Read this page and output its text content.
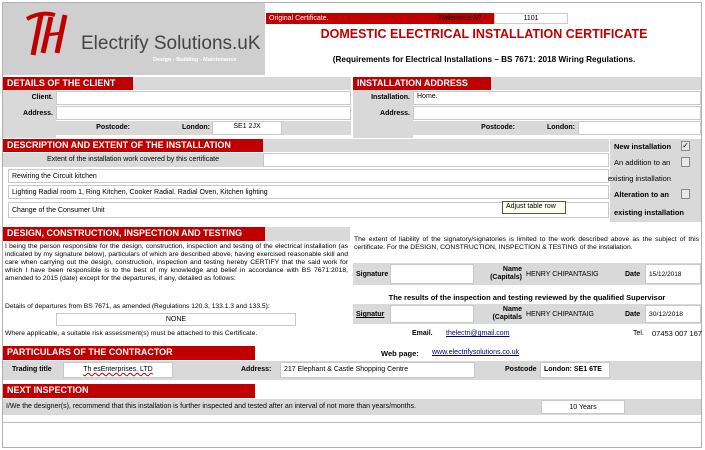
Electrify Solutions.uK
Design - Building - Maintenance
Original Certificate.	Reference Nº	1101
DOMESTIC ELECTRICAL INSTALLATION CERTIFICATE
(Requirements for Electrical Installations – BS 7671: 2018 Wiring Regulations.
DETAILS OF THE CLIENT
Client.
Address.
Postcode:	London:	SE1 2JX
INSTALLATION ADDRESS
Installation.	Home.
Address.
Postcode:	London:
DESCRIPTION AND EXTENT OF THE INSTALLATION
Extent of the installation work covered by this certificate
Rewiring the Circuit kitchen
Lighting Radial room 1, Ring Kitchen, Cooker Radial. Radial Oven, Kitchen lighting
Change of the Consumer Unit
New installation ✓
An addition to an
existing installation
Alteration to an
existing installation
Adjust table row
DESIGN, CONSTRUCTION, INSPECTION AND TESTING

I being the person responsible for the design, construction, inspection and testing of the electrical installation (as indicated by my signature below), particulars of which are described above, having exercised reasonable skill and care when carrying out the design, construction, inspection and testing hereby CERTIFY that the said work for which I have been responsible is to the best of my knowledge and belief in accordance with BS 7671:2018, amended to 2015 (date) except for the departures, if any, detailed as follows:

Details of departures from BS 7671, as amended (Regulations 120.3, 133.1.3 and 133.5):
NONE
Where applicable, a suitable risk assessment(s) must be attached to this Certificate.

The extent of liability of the signatory/signatories is limited to the work described above as the subject of this certificate. For the DESIGN, CONSTRUCTION, INSPECTION & TESTING of the installation.

Signature
Name (Capitals) HENRY CHIPANTASIG	Date	15/12/2018
The results of the inspection and testing reviewed by the qualified Supervisor
Signatur
Name (Capitals HENRY CHIPANTAIG	Date	30/12/2018
Email. thelectri@gmail.com	Tel. 07453 007 167
PARTICULARS OF THE CONTRACTOR	Web page: www.electrifysolutions.co.uk
Trading title	Th esEnterprises. LTD	Address:	217 Elephant & Castle Shopping Centre	Postcode	London: SE1 6TE
NEXT INSPECTION
I/We the designer(s), recommend that this installation is further inspected and tested after an interval of not more than years/months.	10 Years
